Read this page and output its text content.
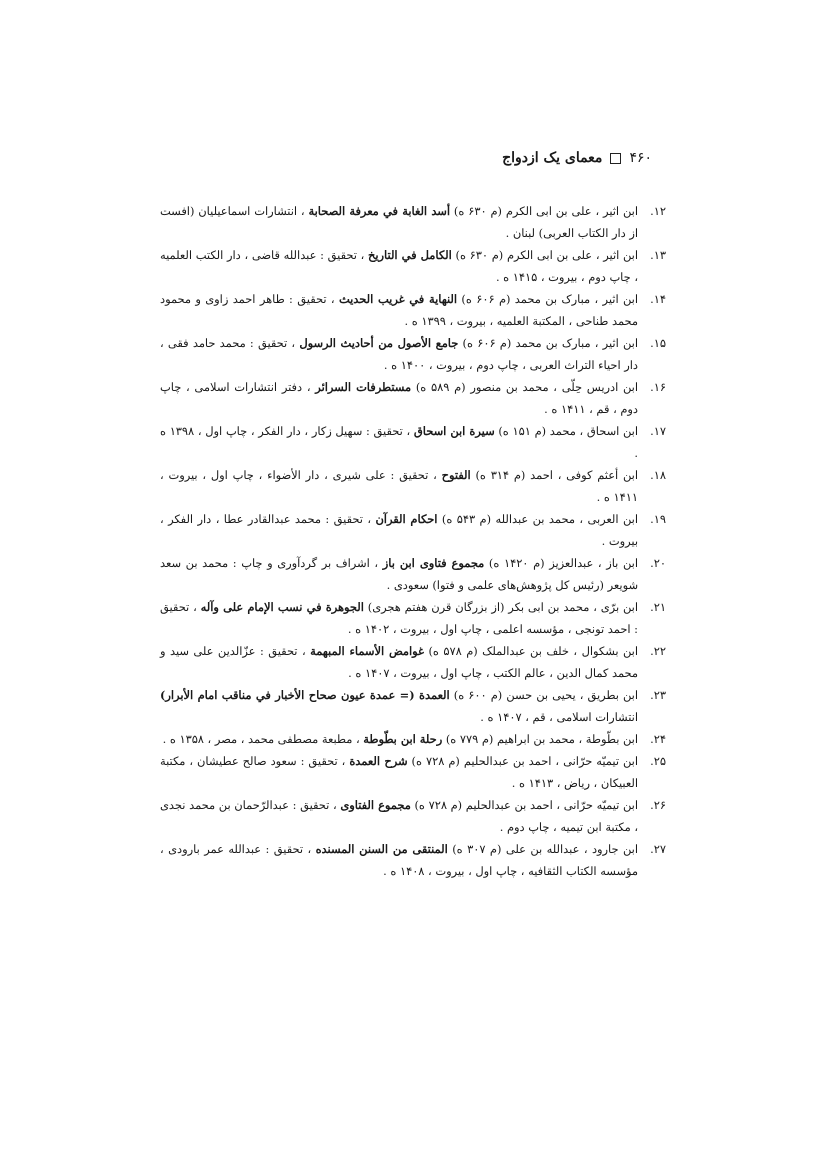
۴۶۰
معمای یک ازدواج
۱۲.
ابن اثیر ، علی بن ابی الکرم (م ۶۳۰ ه) أسد الغابة في معرفة الصحابة ، انتشارات اسماعیلیان (افست از دار الکتاب العربی) لبنان .
۱۳.
ابن اثیر ، علی بن ابی الکرم (م ۶۳۰ ه) الکامل في التاریخ ، تحقیق : عبدالله قاضی ، دار الکتب العلمیه ، چاپ دوم ، بیروت ، ۱۴۱۵ ه .
۱۴.
ابن اثیر ، مبارک بن محمد (م ۶۰۶ ه) النهایة في غریب الحدیث ، تحقیق : طاهر احمد زاوی و محمود محمد طناحی ، المکتبة العلمیه ، بیروت ، ۱۳۹۹ ه .
۱۵.
ابن اثیر ، مبارک بن محمد (م ۶۰۶ ه) جامع الأصول من أحادیث الرسول ، تحقیق : محمد حامد فقی ، دار احیاء التراث العربی ، چاپ دوم ، بیروت ، ۱۴۰۰ ه .
۱۶.
ابن ادریس حِلّی ، محمد بن منصور (م ۵۸۹ ه) مستطرفات السرائر ، دفتر انتشارات اسلامی ، چاپ دوم ، قم ، ۱۴۱۱ ه .
۱۷.
ابن اسحاق ، محمد (م ۱۵۱ ه) سیرة ابن اسحاق ، تحقیق : سهیل زکار ، دار الفکر ، چاپ اول ، ۱۳۹۸ ه .
۱۸.
ابن أعثم کوفی ، احمد (م ۳۱۴ ه) الفتوح ، تحقیق : علی شیری ، دار الأضواء ، چاپ اول ، بیروت ، ۱۴۱۱ ه .
۱۹.
ابن العربی ، محمد بن عبدالله (م ۵۴۳ ه) احکام القرآن ، تحقیق : محمد عبدالقادر عطا ، دار الفکر ، بیروت .
۲۰.
ابن باز ، عبدالعزیز (م ۱۴۲۰ ه) مجموع فتاوی ابن باز ، اشراف بر گردآوری و چاپ : محمد بن سعد شویعر (رئیس کل پژوهش‌های علمی و فتوا) سعودی .
۲۱.
ابن برّی ، محمد بن ابی بکر (از بزرگان قرن هفتم هجری) الجوهرة في نسب الإمام علی وآله ، تحقیق : احمد تونجی ، مؤسسه اعلمی ، چاپ اول ، بیروت ، ۱۴۰۲ ه .
۲۲.
ابن بشکوال ، خلف بن عبدالملک (م ۵۷۸ ه) غوامض الأسماء المبهمة ، تحقیق : عزّالدین علی سید و محمد کمال الدین ، عالم الکتب ، چاپ اول ، بیروت ، ۱۴۰۷ ه .
۲۳.
ابن بطریق ، یحیی بن حسن (م ۶۰۰ ه) العمدة (= عمدة عیون صحاح الأخبار في مناقب امام الأبرار) انتشارات اسلامی ، قم ، ۱۴۰۷ ه .
۲۴.
ابن بطّوطة ، محمد بن ابراهیم (م ۷۷۹ ه) رحلة ابن بطّوطة ، مطبعة مصطفی محمد ، مصر ، ۱۳۵۸ ه .
۲۵.
ابن تیمیّه حرّانی ، احمد بن عبدالحلیم (م ۷۲۸ ه) شرح العمدة ، تحقیق : سعود صالح عطیشان ، مکتبة العبیکان ، ریاض ، ۱۴۱۳ ه .
۲۶.
ابن تیمیّه حرّانی ، احمد بن عبدالحلیم (م ۷۲۸ ه) مجموع الفتاوی ، تحقیق : عبدالرّحمان بن محمد نجدی ، مکتبة ابن تیمیه ، چاپ دوم .
۲۷.
ابن جارود ، عبدالله بن علی (م ۳۰۷ ه) المنتقی من السنن المسنده ، تحقیق : عبدالله عمر بارودی ، مؤسسه الکتاب الثقافیه ، چاپ اول ، بیروت ، ۱۴۰۸ ه .
